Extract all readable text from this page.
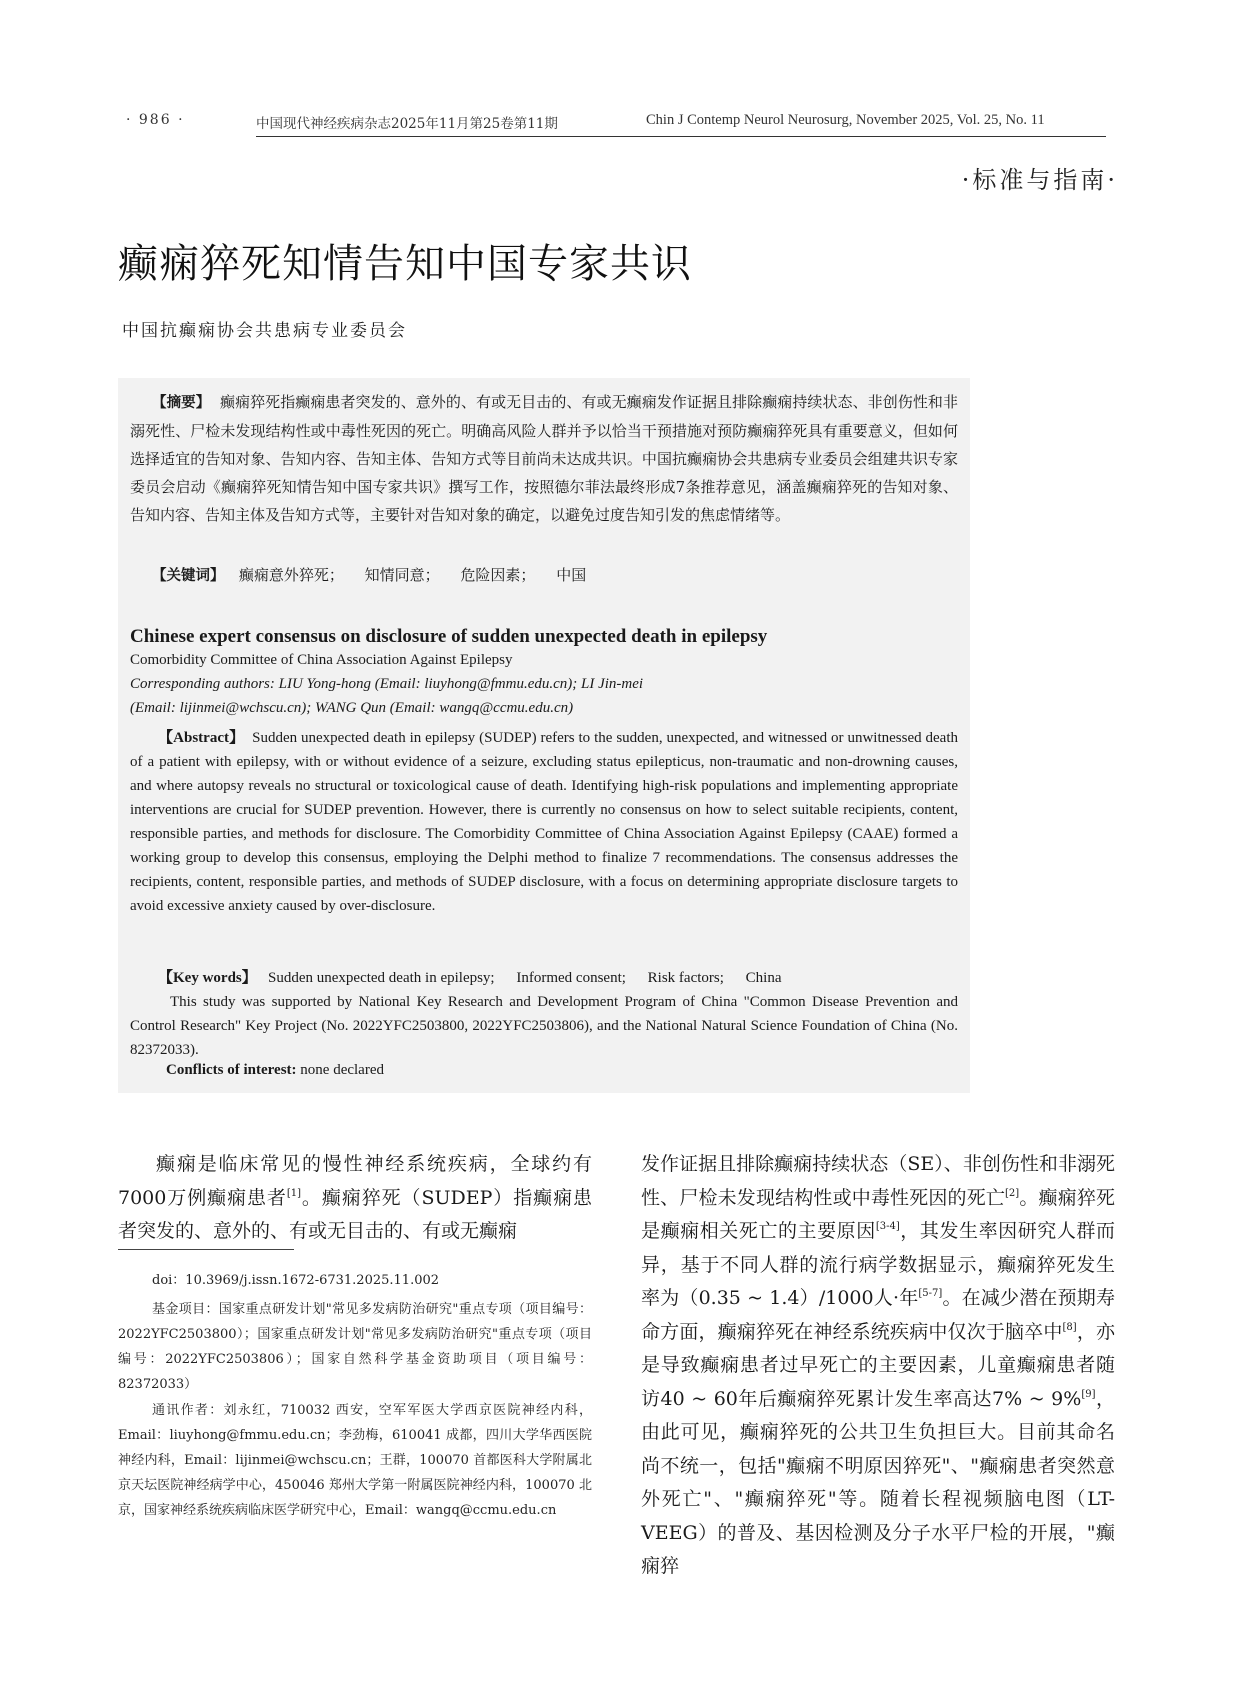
· 986 ·	中国现代神经疾病杂志2025年11月第25卷第11期	Chin J Contemp Neurol Neurosurg, November 2025, Vol. 25, No. 11
·标准与指南·
癫痫猝死知情告知中国专家共识
中国抗癫痫协会共患病专业委员会

【摘要】 癫痫猝死指癫痫患者突发的、意外的、有或无目击的、有或无癫痫发作证据且排除癫痫持续状态、非创伤性和非溺死性、尸检未发现结构性或中毒性死因的死亡。明确高风险人群并予以恰当干预措施对预防癫痫猝死具有重要意义，但如何选择适宜的告知对象、告知内容、告知主体、告知方式等目前尚未达成共识。中国抗癫痫协会共患病专业委员会组建共识专家委员会启动《癫痫猝死知情告知中国专家共识》撰写工作，按照德尔菲法最终形成7条推荐意见，涵盖癫痫猝死的告知对象、告知内容、告知主体及告知方式等，主要针对告知对象的确定，以避免过度告知引发的焦虑情绪等。

【关键词】 癫痫意外猝死； 知情同意； 危险因素； 中国
Chinese expert consensus on disclosure of sudden unexpected death in epilepsy
Comorbidity Committee of China Association Against Epilepsy
Corresponding authors: LIU Yong-hong (Email: liuyhong@fmmu.edu.cn); LI Jin-mei
(Email: lijinmei@wchscu.cn); WANG Qun (Email: wangq@ccmu.edu.cn)

【Abstract】 Sudden unexpected death in epilepsy (SUDEP) refers to the sudden, unexpected, and witnessed or unwitnessed death of a patient with epilepsy, with or without evidence of a seizure, excluding status epilepticus, non-traumatic and non-drowning causes, and where autopsy reveals no structural or toxicological cause of death. Identifying high-risk populations and implementing appropriate interventions are crucial for SUDEP prevention. However, there is currently no consensus on how to select suitable recipients, content, responsible parties, and methods for disclosure. The Comorbidity Committee of China Association Against Epilepsy (CAAE) formed a working group to develop this consensus, employing the Delphi method to finalize 7 recommendations. The consensus addresses the recipients, content, responsible parties, and methods of SUDEP disclosure, with a focus on determining appropriate disclosure targets to avoid excessive anxiety caused by over-disclosure.

【Key words】 Sudden unexpected death in epilepsy; Informed consent; Risk factors; China

This study was supported by National Key Research and Development Program of China "Common Disease Prevention and Control Research" Key Project (No. 2022YFC2503800, 2022YFC2503806), and the National Natural Science Foundation of China (No. 82372033).

Conflicts of interest: none declared

癫痫是临床常见的慢性神经系统疾病，全球约有7000万例癫痫患者[1]。癫痫猝死（SUDEP）指癫痫患者突发的、意外的、有或无目击的、有或无癫痫

doi：10.3969/j.issn.1672-6731.2025.11.002

基金项目：国家重点研发计划"常见多发病防治研究"重点专项（项目编号：2022YFC2503800）；国家重点研发计划"常见多发病防治研究"重点专项（项目编号：2022YFC2503806）；国家自然科学基金资助项目（项目编号：82372033）

通讯作者：刘永红，710032 西安，空军军医大学西京医院神经内科，Email：liuyhong@fmmu.edu.cn；李劲梅，610041 成都，四川大学华西医院神经内科，Email：lijinmei@wchscu.cn；王群，100070 首都医科大学附属北京天坛医院神经病学中心，450046 郑州大学第一附属医院神经内科，100070 北京，国家神经系统疾病临床医学研究中心，Email：wangq@ccmu.edu.cn

发作证据且排除癫痫持续状态（SE）、非创伤性和非溺死性、尸检未发现结构性或中毒性死因的死亡[2]。癫痫猝死是癫痫相关死亡的主要原因[3-4]，其发生率因研究人群而异，基于不同人群的流行病学数据显示，癫痫猝死发生率为（0.35 ~ 1.4）/1000人·年[5-7]。在减少潜在预期寿命方面，癫痫猝死在神经系统疾病中仅次于脑卒中[8]，亦是导致癫痫患者过早死亡的主要因素，儿童癫痫患者随访40 ~ 60年后癫痫猝死累计发生率高达7% ~ 9%[9]，由此可见，癫痫猝死的公共卫生负担巨大。目前其命名尚不统一，包括"癫痫不明原因猝死"、"癫痫患者突然意外死亡"、"癫痫猝死"等。随着长程视频脑电图（LT-VEEG）的普及、基因检测及分子水平尸检的开展，"癫痫猝
